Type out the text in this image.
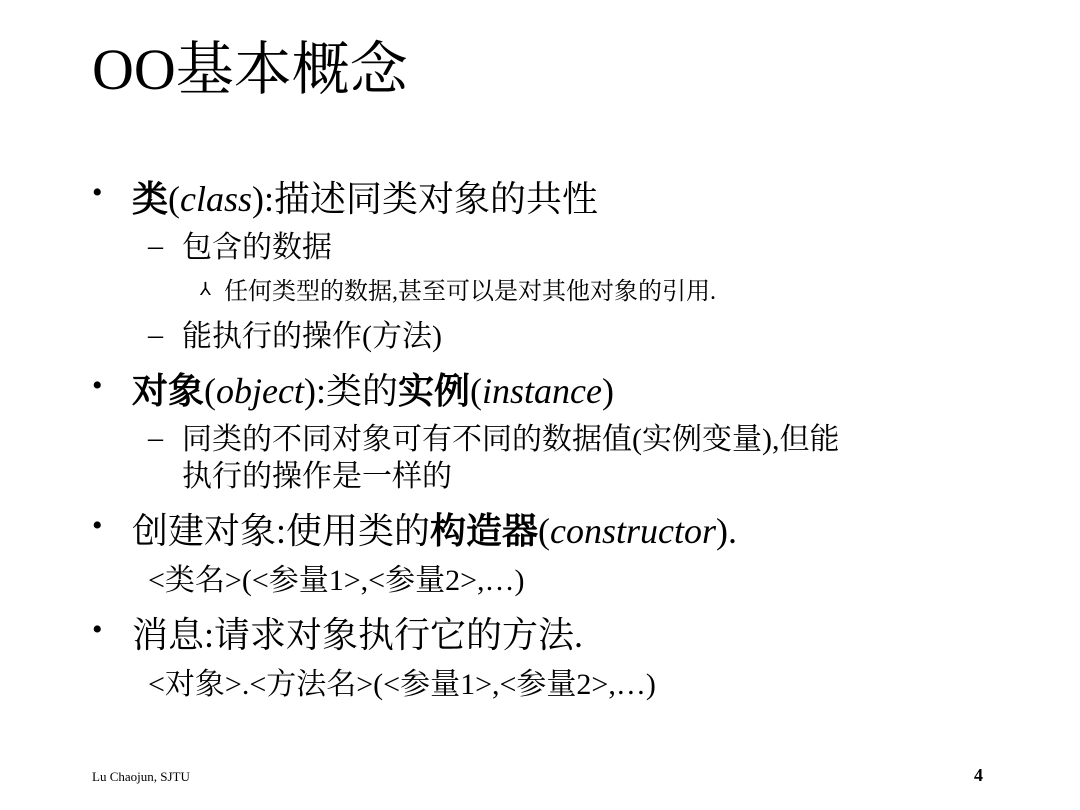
OO基本概念
• 类(class):描述同类对象的共性
– 包含的数据
⅄ 任何类型的数据,甚至可以是对其他对象的引用.
– 能执行的操作(方法)
• 对象(object):类的实例(instance)
– 同类的不同对象可有不同的数据值(实例变量),但能
执行的操作是一样的
• 创建对象:使用类的构造器(constructor).
<类名>(<参量1>,<参量2>,…)
• 消息:请求对象执行它的方法.
<对象>.<方法名>(<参量1>,<参量2>,…)
Lu Chaojun, SJTU	4
